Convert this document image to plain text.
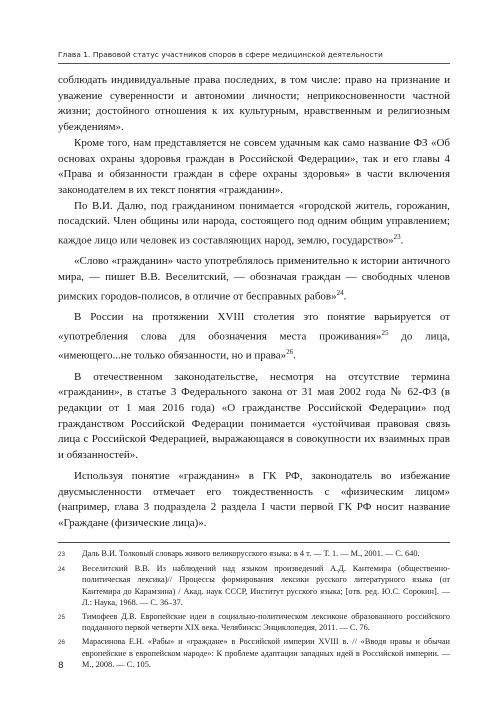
Глава 1. Правовой статус участников споров в сфере медицинской деятельности

соблюдать индивидуальные права последних, в том числе: право на признание и уважение суверенности и автономии личности; неприкосновенности частной жизни; достойного отношения к их культурным, нравственным и религиозным убеждениям».

Кроме того, нам представляется не совсем удачным как само название ФЗ «Об основах охраны здоровья граждан в Российской Федерации», так и его главы 4 «Права и обязанности граждан в сфере охраны здоровья» в части включения законодателем в их текст понятия «гражданин».

По В.И. Далю, под гражданином понимается «городской житель, горожанин, посадский. Член общины или народа, состоящего под одним общим управлением; каждое лицо или человек из составляющих народ, землю, государство»$^{23}$.

«Слово «гражданин» часто употреблялось применительно к истории античного мира, — пишет В.В. Веселитский, — обозначая граждан — свободных членов римских городов-полисов, в отличие от бесправных рабов»$^{24}$.

В России на протяжении XVIII столетия это понятие варьируется от «употребления слова для обозначения места проживания»$^{25}$ до лица, «имеющего...не только обязанности, но и права»$^{26}$.

В отечественном законодательстве, несмотря на отсутствие термина «гражданин», в статье 3 Федерального закона от 31 мая 2002 года № 62-ФЗ (в редакции от 1 мая 2016 года) «О гражданстве Российской Федерации» под гражданством Российской Федерации понимается «устойчивая правовая связь лица с Российской Федерацией, выражающаяся в совокупности их взаимных прав и обязанностей».

Используя понятие «гражданин» в ГК РФ, законодатель во избежание двусмысленности отмечает его тождественность с «физическим лицом» (например, глава 3 подраздела 2 раздела I части первой ГК РФ носит название «Граждане (физические лица)».

23	Даль В.И. Толковый словарь живого великорусского языка: в 4 т. — Т. 1. — М., 2001. — С. 640.
24	Веселитский В.В. Из наблюдений над языком произведений А.Д. Кантемира (общественно-политическая лексика)// Процессы формирования лексики русского литературного языка (от Кантемира до Карамзина) / Акад. наук СССР, Институт русского языка; [отв. ред. Ю.С. Сорокин]. — Л.: Наука, 1968. — С. 36–37.
25	Тимофеев Д.В. Европейские идеи в социально-политическом лексиконе образованного российского подданного первой четверти XIX века. Челябинск: Энциклопедия, 2011. — С. 76.
26	Марасинова Е.Н. «Рабы» и «граждане» в Российской империи XVIII в. // «Вводя нравы и обычаи европейские в европейском народе»: К проблеме адаптации западных идей в Российской империи. — М., 2008. — С. 105.
8
